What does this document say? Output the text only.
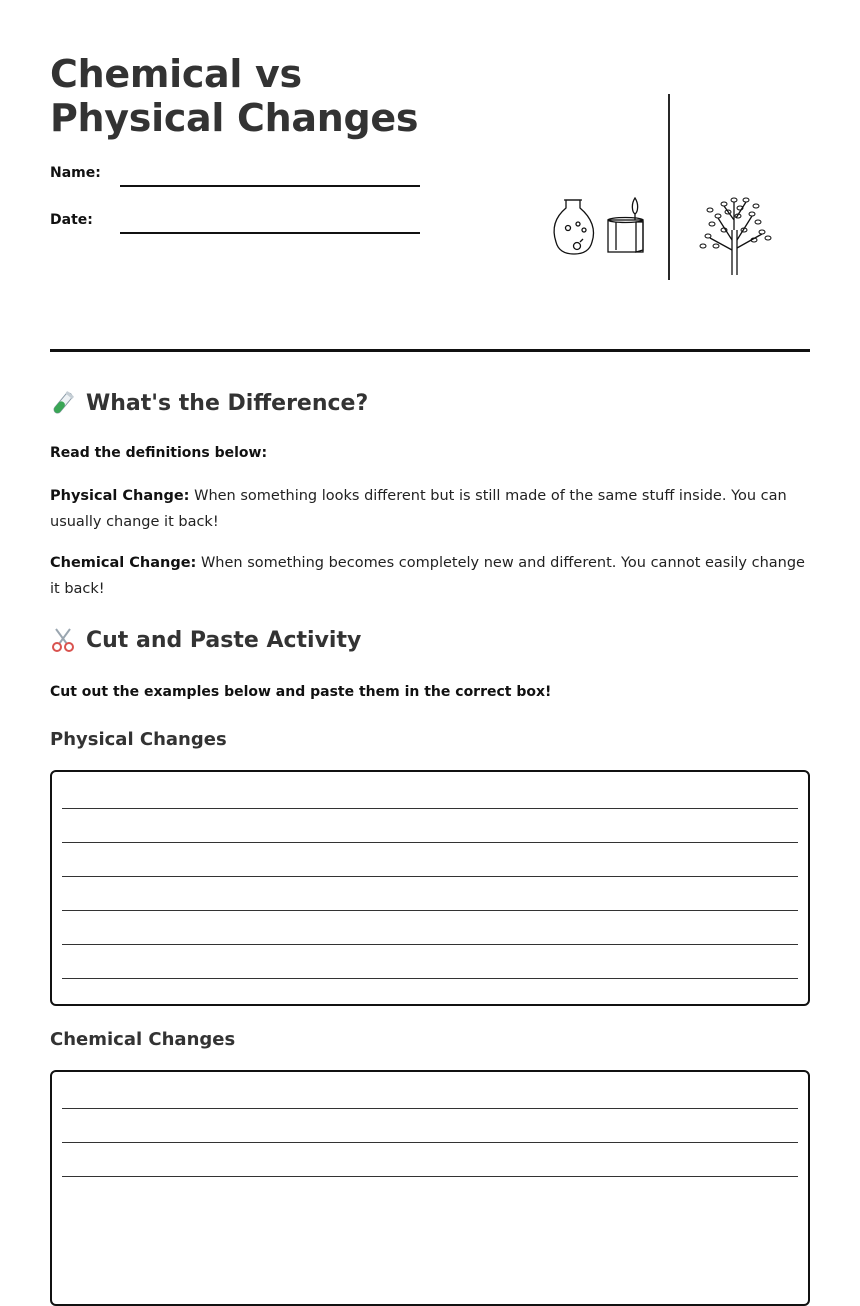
Chemical vs Physical Changes
Name:
Date:
What's the Difference?

Read the definitions below:

Physical Change: When something looks different but is still made of the same stuff inside. You can usually change it back!

Chemical Change: When something becomes completely new and different. You cannot easily change it back!

Cut and Paste Activity

Cut out the examples below and paste them in the correct box!

Physical Changes
Chemical Changes
